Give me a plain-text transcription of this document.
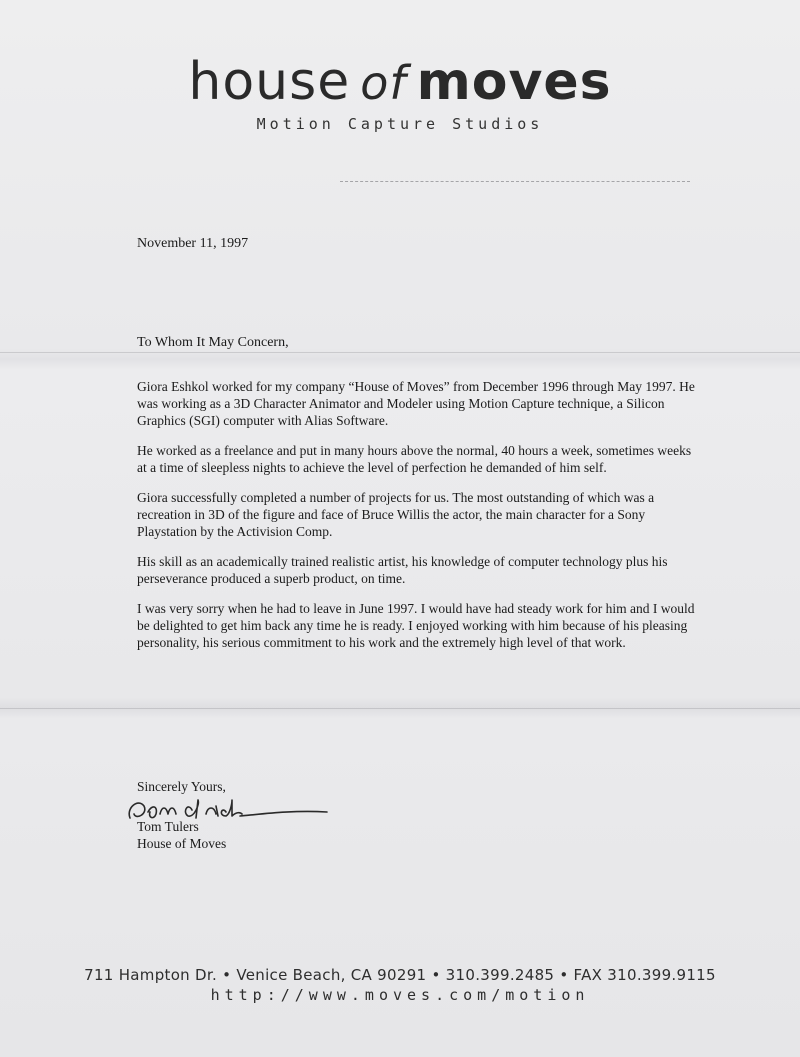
house of moves
Motion Capture Studios
November 11, 1997
To Whom It May Concern,

Giora Eshkol worked for my company “House of Moves” from December 1996 through May 1997. He was working as a 3D Character Animator and Modeler using Motion Capture technique, a Silicon Graphics (SGI) computer with Alias Software.

He worked as a freelance and put in many hours above the normal, 40 hours a week, sometimes weeks at a time of sleepless nights to achieve the level of perfection he demanded of him self.

Giora successfully completed a number of projects for us. The most outstanding of which was a recreation in 3D of the figure and face of Bruce Willis the actor, the main character for a Sony Playstation by the Activision Comp.

His skill as an academically trained realistic artist, his knowledge of computer technology plus his perseverance produced a superb product, on time.

I was very sorry when he had to leave in June 1997. I would have had steady work for him and I would be delighted to get him back any time he is ready. I enjoyed working with him because of his pleasing personality, his serious commitment to his work and the extremely high level of that work.

Sincerely Yours,
Tom Tulers
House of Moves
711 Hampton Dr. • Venice Beach, CA 90291 • 310.399.2485 • FAX 310.399.9115
http://www.moves.com/motion
